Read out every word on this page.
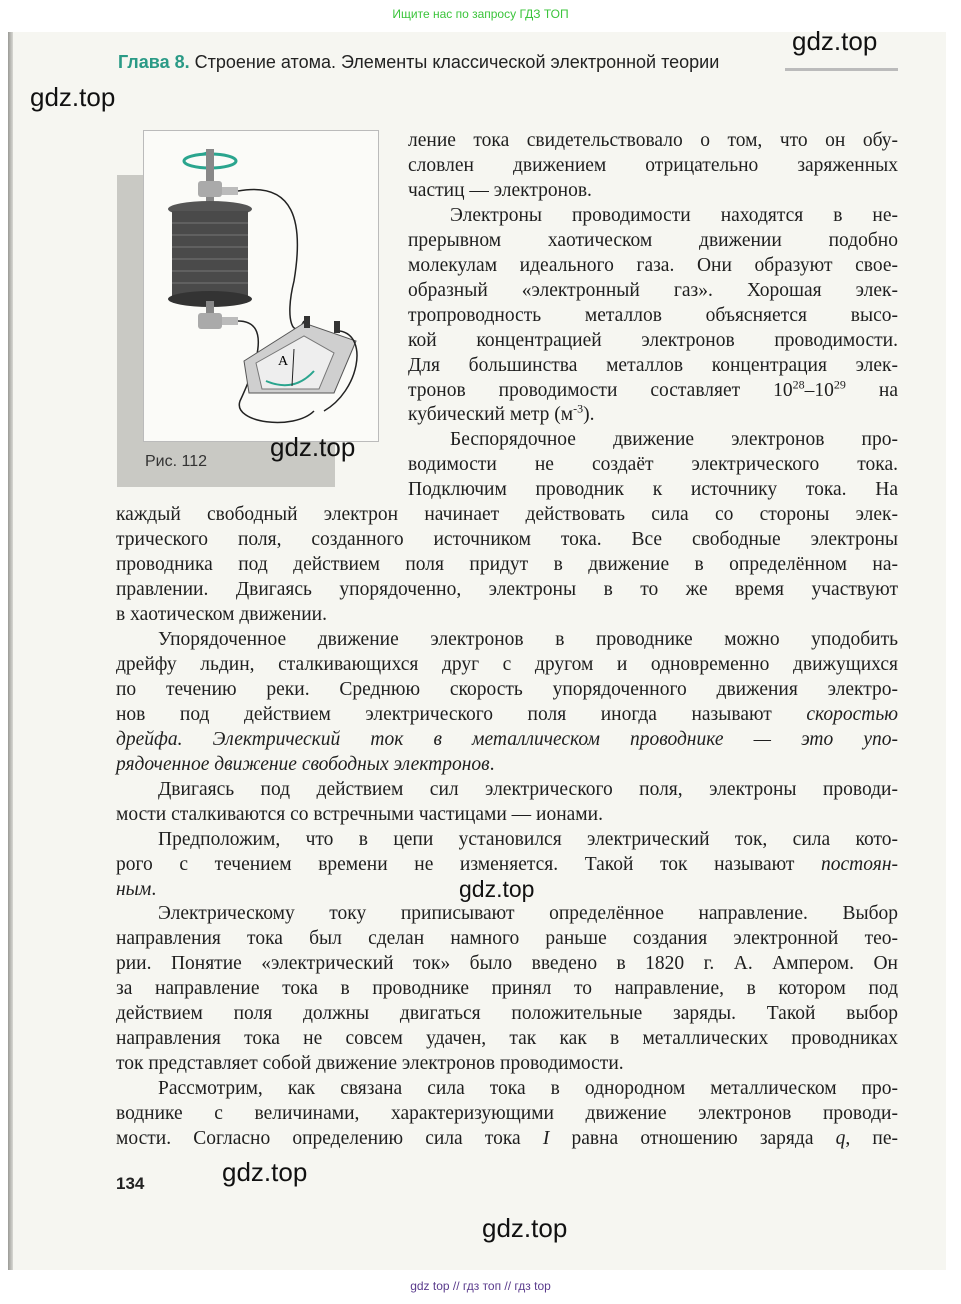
Ищите нас по запросу ГДЗ ТОП
Глава 8. Строение атома. Элементы классической электронной теории
A
Рис. 112
ление тока свидетельствовало о том, что он обу-
словлен движением отрицательно заряженных
частиц — электронов.
Электроны проводимости находятся в не-
прерывном хаотическом движении подобно
молекулам идеального газа. Они образуют свое-
образный «электронный газ». Хорошая элек-
тропроводность металлов объясняется высо-
кой концентрацией электронов проводимости.
Для большинства металлов концентрация элек-
тронов проводимости составляет $10^{28}-10^{29}$ на
кубический метр $(м^{-3})$.
Беспорядочное движение электронов про-
водимости не создаёт электрического тока.
Подключим проводник к источнику тока. На
каждый свободный электрон начинает действовать сила со стороны элек-
трического поля, созданного источником тока. Все свободные электроны
проводника под действием поля придут в движение в определённом на-
правлении. Двигаясь упорядоченно, электроны в то же время участвуют
в хаотическом движении.
Упорядоченное движение электронов в проводнике можно уподобить
дрейфу льдин, сталкивающихся друг с другом и одновременно движущихся
по течению реки. Среднюю скорость упорядоченного движения электро-
нов под действием электрического поля иногда называют скоростью
дрейфа. Электрический ток в металлическом проводнике — это упо-
рядоченное движение свободных электронов.
Двигаясь под действием сил электрического поля, электроны проводи-
мости сталкиваются со встречными частицами — ионами.
Предположим, что в цепи установился электрический ток, сила кото-
рого с течением времени не изменяется. Такой ток называют постоян-
ным.
Электрическому току приписывают определённое направление. Выбор
направления тока был сделан намного раньше создания электронной тео-
рии. Понятие «электрический ток» было введено в 1820 г. А. Ампером. Он
за направление тока в проводнике принял то направление, в котором под
действием поля должны двигаться положительные заряды. Такой выбор
направления тока не совсем удачен, так как в металлических проводниках
ток представляет собой движение электронов проводимости.
Рассмотрим, как связана сила тока в однородном металлическом про-
воднике с величинами, характеризующими движение электронов проводи-
мости. Согласно определению сила тока I равна отношению заряда q, пе-
134
gdz.top
gdz.top
gdz.top
gdz.top
gdz.top
gdz.top
gdz top // гдз топ // гдз top
